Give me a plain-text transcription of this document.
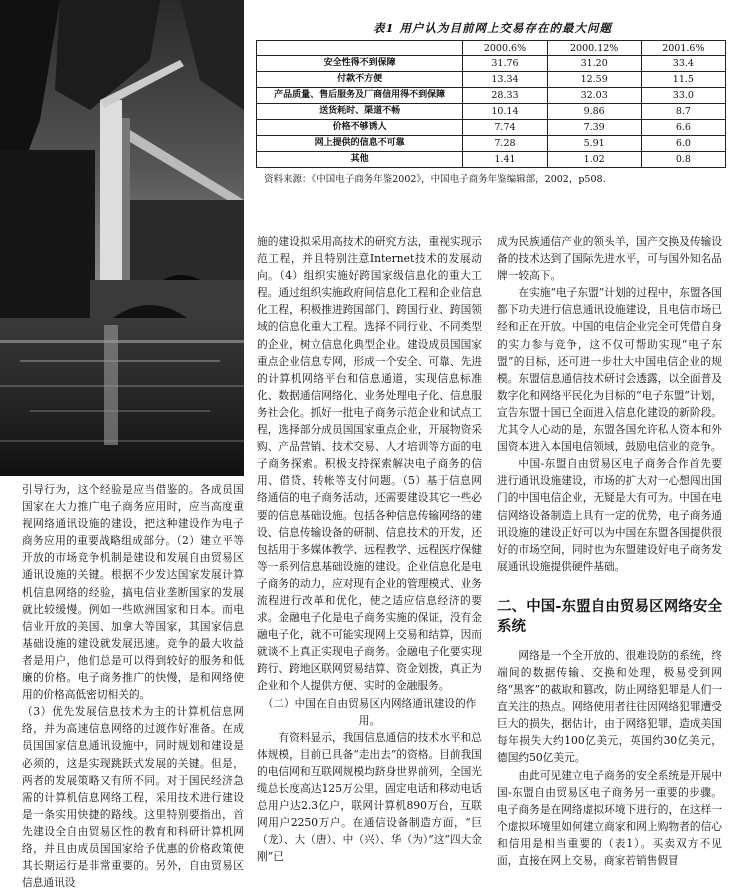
表1 用户认为目前网上交易存在的最大问题
	2000.6%	2000.12%	2001.6%
安全性得不到保障	31.76	31.20	33.4
付款不方便	13.34	12.59	11.5
产品质量、售后服务及厂商信用得不到保障	28.33	32.03	33.0
送货耗时、渠道不畅	10.14	9.86	8.7
价格不够诱人	7.74	7.39	6.6
网上提供的信息不可靠	7.28	5.91	6.0
其他	1.41	1.02	0.8
资料来源：《中国电子商务年鉴2002》，中国电子商务年鉴编辑部，2002，p508.

引导行为，这个经验是应当借鉴的。各成员国国家在大力推广电子商务应用时，应当高度重视网络通讯设施的建设，把这种建设作为电子商务应用的重要战略组成部分。（2）建立平等开放的市场竞争机制是建设和发展自由贸易区通讯设施的关键。根据不少发达国家发展计算机信息网络的经验，搞电信业垄断国家的发展就比较缓慢。例如一些欧洲国家和日本。而电信业开放的美国、加拿大等国家，其国家信息基础设施的建设就发展迅速。竞争的最大收益者是用户，他们总是可以得到较好的服务和低廉的价格。电子商务推广的快慢，是和网络使用的价格高低密切相关的。

（3）优先发展信息技术为主的计算机信息网络，并为高速信息网络的过渡作好准备。在成员国国家信息通讯设施中，同时规划和建设是必须的，这是实现跳跃式发展的关键。但是，两者的发展策略又有所不同。对于国民经济急需的计算机信息网络工程，采用技术进行建设是一条实用快捷的路线。这里特别要指出，首先建设全自由贸易区性的教育和科研计算机网络，并且由成员国国家给予优惠的价格政策使其长期运行是非常重要的。另外，自由贸易区信息通讯设

施的建设拟采用高技术的研究方法，重视实现示范工程，并且特别注意Internet技术的发展动向。（4）组织实施好跨国家级信息化的重大工程。通过组织实施政府间信息化工程和企业信息化工程，积极推进跨国部门、跨国行业、跨国领域的信息化重大工程。选择不同行业、不同类型的企业，树立信息化典型企业。建设成员国国家重点企业信息专网，形成一个安全、可靠、先进的计算机网络平台和信息通道，实现信息标准化、数据通信网络化、业务处理电子化、信息服务社会化。抓好一批电子商务示范企业和试点工程，选择部分成员国国家重点企业，开展物资采购、产品营销、技术交易、人才培训等方面的电子商务探索。积极支持探索解决电子商务的信用、借贷、转帐等支付问题。（5）基于信息网络通信的电子商务活动，还需要建设其它一些必要的信息基础设施。包括各种信息传输网络的建设、信息传输设备的研制、信息技术的开发，还包括用于多媒体教学、远程教学、远程医疗保健等一系列信息基础设施的建设。企业信息化是电子商务的动力，应对现有企业的管理模式、业务流程进行改革和优化，使之适应信息经济的要求。金融电子化是电子商务实施的保证，没有金融电子化，就不可能实现网上交易和结算，因而就谈不上真正实现电子商务。金融电子化要实现跨行、跨地区联网贸易结算、资金划拨，真正为企业和个人提供方便、实时的金融服务。

（二）中国在自由贸易区内网络通讯建设的作用。

有资料显示，我国信息通信的技术水平和总体规模，目前已具备“走出去”的资格。目前我国的电信网和互联网规模均跻身世界前列，全国光缆总长度高达125万公里，固定电话和移动电话总用户达2.3亿户，联网计算机890万台，互联网用户2250万户。在通信设备制造方面，“巨（龙）、大（唐）、中（兴）、华（为）”这“四大金刚”已

成为民族通信产业的领头羊，国产交换及传输设备的技术达到了国际先进水平，可与国外知名品牌一较高下。

在实施“电子东盟”计划的过程中，东盟各国都下功夫进行信息通讯设施建设，且电信市场已经和正在开放。中国的电信企业完全可凭借自身的实力参与竞争，这不仅可帮助实现“电子东盟”的目标，还可进一步壮大中国电信企业的规模。东盟信息通信技术研讨会透露，以全面普及数字化和网络平民化为目标的“电子东盟”计划，宣告东盟十国已全面进入信息化建设的新阶段。尤其令人心动的是，东盟各国允许私人资本和外国资本进入本国电信领域，鼓励电信业的竞争。

中国-东盟自由贸易区电子商务合作首先要进行通讯设施建设，市场的扩大对一心想闯出国门的中国电信企业，无疑是大有可为。中国在电信网络设备制造上具有一定的优势，电子商务通讯设施的建设正好可以为中国在东盟各国提供很好的市场空间，同时也为东盟建设好电子商务发展通讯设施提供硬件基础。

二、中国-东盟自由贸易区网络安全系统

网络是一个全开放的、很难设防的系统，终端间的数据传输、交换和处理，极易受到网络“黑客”的截取和篡改，防止网络犯罪是人们一直关注的热点。网络使用者往往因网络犯罪遭受巨大的损失，据估计，由于网络犯罪，造成美国每年损失大约100亿美元，英国约30亿美元，德国约50亿美元。

由此可见建立电子商务的安全系统是开展中国-东盟自由贸易区电子商务另一重要的步骤。电子商务是在网络虚拟环境下进行的，在这样一个虚拟环境里如何建立商家和网上购物者的信心和信用是相当重要的（表1）。买卖双方不见面，直接在网上交易，商家若销售假冒
